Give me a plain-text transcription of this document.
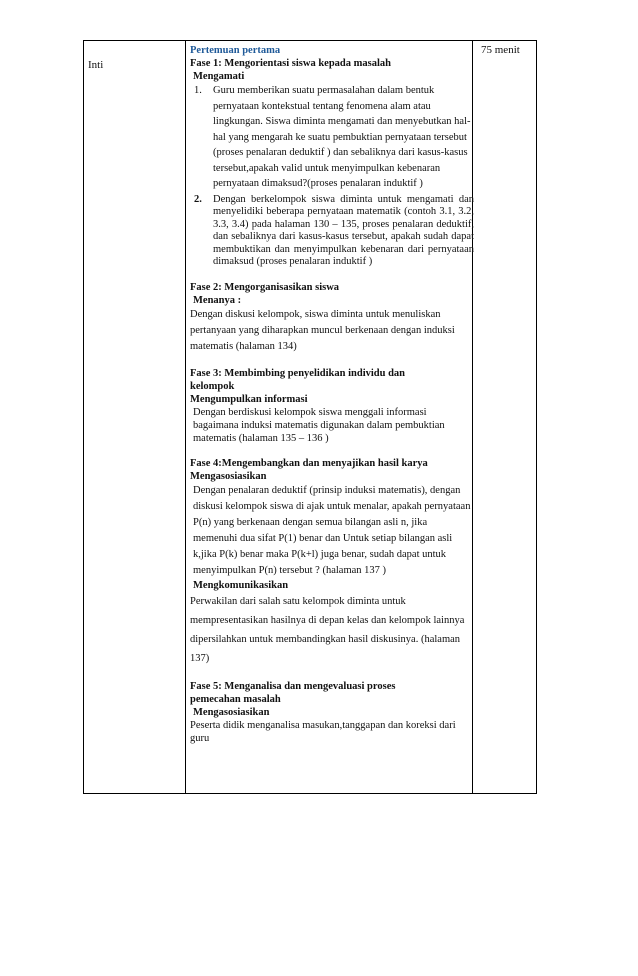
Inti
75 menit
Pertemuan pertama
Fase 1: Mengorientasi siswa kepada masalah
Mengamati
1. Guru memberikan suatu permasalahan dalam bentuk pernyataan kontekstual tentang fenomena alam atau lingkungan. Siswa diminta mengamati dan menyebutkan hal-hal yang mengarah ke suatu pembuktian pernyataan tersebut (proses penalaran deduktif ) dan sebaliknya dari kasus-kasus tersebut,apakah valid untuk menyimpulkan kebenaran pernyataan dimaksud?(proses penalaran induktif )
2. Dengan berkelompok siswa diminta untuk mengamati dan menyelidiki beberapa pernyataan matematik (contoh 3.1, 3.2, 3.3, 3.4) pada halaman 130 – 135, proses penalaran deduktif, dan sebaliknya dari kasus-kasus tersebut, apakah sudah dapat membuktikan dan menyimpulkan kebenaran dari pernyataan dimaksud (proses penalaran induktif )
Fase 2: Mengorganisasikan siswa
Menanya :
Dengan diskusi kelompok, siswa diminta untuk menuliskan pertanyaan yang diharapkan muncul berkenaan dengan induksi matematis (halaman 134)
Fase 3: Membimbing penyelidikan individu dan
kelompok
Mengumpulkan informasi
Dengan berdiskusi kelompok siswa menggali informasi bagaimana induksi matematis digunakan dalam pembuktian matematis (halaman 135 – 136 )
Fase 4:Mengembangkan dan menyajikan hasil karya
Mengasosiasikan
Dengan penalaran deduktif (prinsip induksi matematis), dengan diskusi kelompok siswa di ajak untuk menalar, apakah pernyataan P(n) yang berkenaan dengan semua bilangan asli n, jika memenuhi dua sifat P(1) benar dan Untuk setiap bilangan asli k,jika P(k) benar maka P(k+l) juga benar, sudah dapat untuk menyimpulkan P(n) tersebut ? (halaman 137 )
Mengkomunikasikan
Perwakilan dari salah satu kelompok diminta untuk mempresentasikan hasilnya di depan kelas dan kelompok lainnya dipersilahkan untuk membandingkan hasil diskusinya. (halaman 137)
Fase 5: Menganalisa dan mengevaluasi proses
pemecahan masalah
Mengasosiasikan
Peserta didik menganalisa masukan,tanggapan dan koreksi dari guru
